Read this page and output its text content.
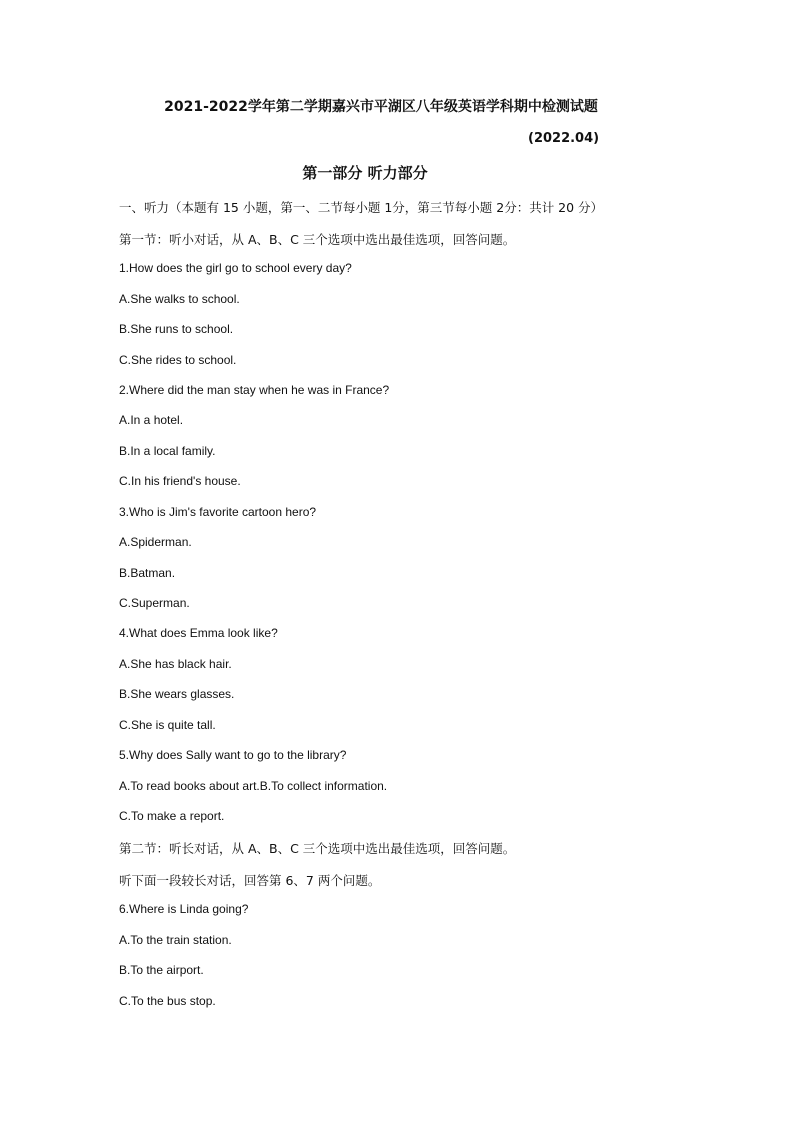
2021-2022学年第二学期嘉兴市平湖区八年级英语学科期中检测试题
(2022.04)
第一部分 听力部分
一、听力（本题有 15 小题，第一、二节每小题 1分，第三节每小题 2分：共计 20 分）
第一节：听小对话，从 A、B、C 三个选项中选出最佳选项，回答问题。
1.How does the girl go to school every day?
A.She walks to school.
B.She runs to school.
C.She rides to school.
2.Where did the man stay when he was in France?
A.In a hotel.
B.In a local family.
C.In his friend's house.
3.Who is Jim's favorite cartoon hero?
A.Spiderman.
B.Batman.
C.Superman.
4.What does Emma look like?
A.She has black hair.
B.She wears glasses.
C.She is quite tall.
5.Why does Sally want to go to the library?
A.To read books about art.B.To collect information.
C.To make a report.
第二节：听长对话，从 A、B、C 三个选项中选出最佳选项，回答问题。
听下面一段较长对话，回答第 6、7 两个问题。
6.Where is Linda going?
A.To the train station.
B.To the airport.
C.To the bus stop.
